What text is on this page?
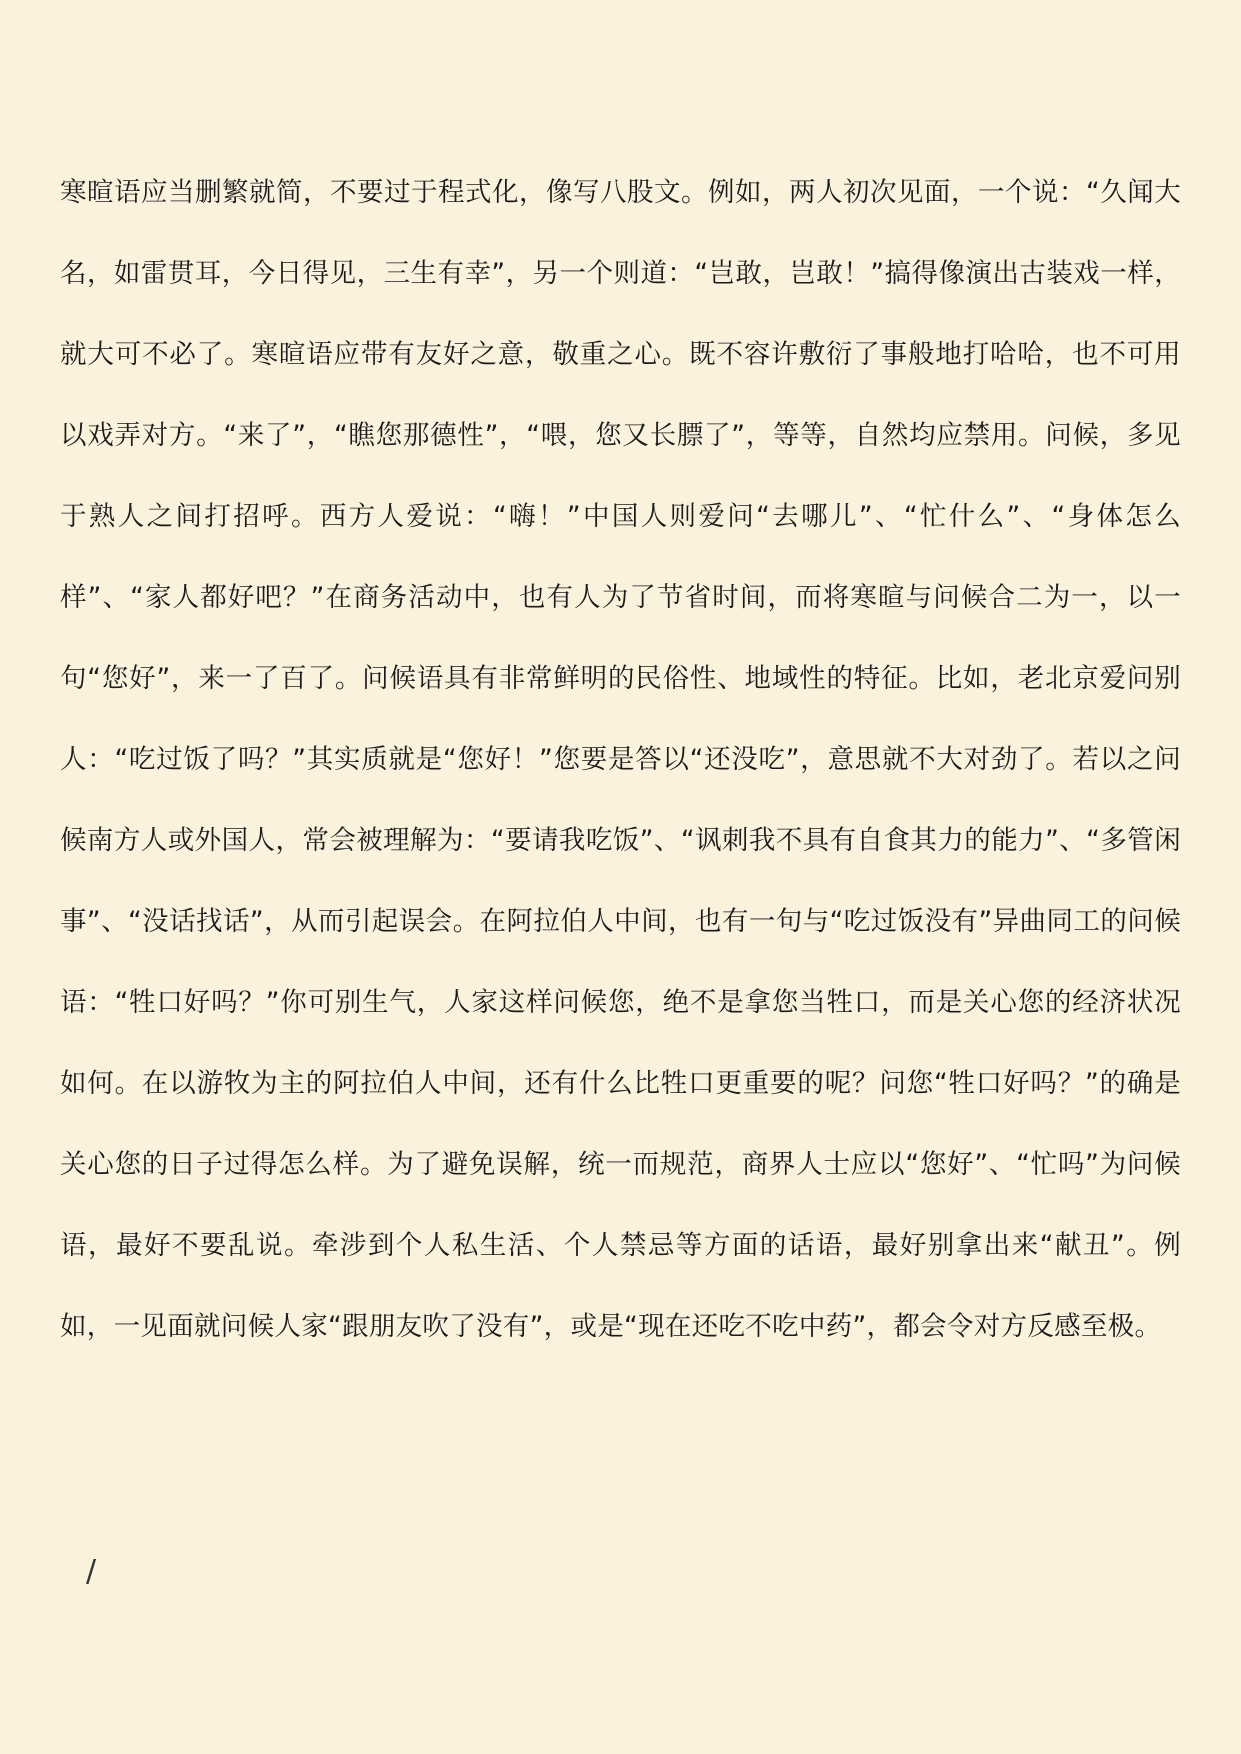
寒暄语应当删繁就简，不要过于程式化，像写八股文。例如，两人初次见面，一个说：“久闻大名，如雷贯耳，今日得见，三生有幸”，另一个则道：“岂敢，岂敢！”搞得像演出古装戏一样，就大可不必了。寒暄语应带有友好之意，敬重之心。既不容许敷衍了事般地打哈哈，也不可用以戏弄对方。“来了”，“瞧您那德性”，“喂，您又长膘了”，等等，自然均应禁用。问候，多见于熟人之间打招呼。西方人爱说：“嗨！”中国人则爱问“去哪儿”、“忙什么”、“身体怎么样”、“家人都好吧？”在商务活动中，也有人为了节省时间，而将寒暄与问候合二为一，以一句“您好”，来一了百了。问候语具有非常鲜明的民俗性、地域性的特征。比如，老北京爱问别人：“吃过饭了吗？”其实质就是“您好！”您要是答以“还没吃”，意思就不大对劲了。若以之问候南方人或外国人，常会被理解为：“要请我吃饭”、“讽刺我不具有自食其力的能力”、“多管闲事”、“没话找话”，从而引起误会。在阿拉伯人中间，也有一句与“吃过饭没有”异曲同工的问候语：“牲口好吗？”你可别生气，人家这样问候您，绝不是拿您当牲口，而是关心您的经济状况如何。在以游牧为主的阿拉伯人中间，还有什么比牲口更重要的呢？问您“牲口好吗？”的确是关心您的日子过得怎么样。为了避免误解，统一而规范，商界人士应以“您好”、“忙吗”为问候语，最好不要乱说。牵涉到个人私生活、个人禁忌等方面的话语，最好别拿出来“献丑”。例如，一见面就问候人家“跟朋友吹了没有”，或是“现在还吃不吃中药”，都会令对方反感至极。

/
